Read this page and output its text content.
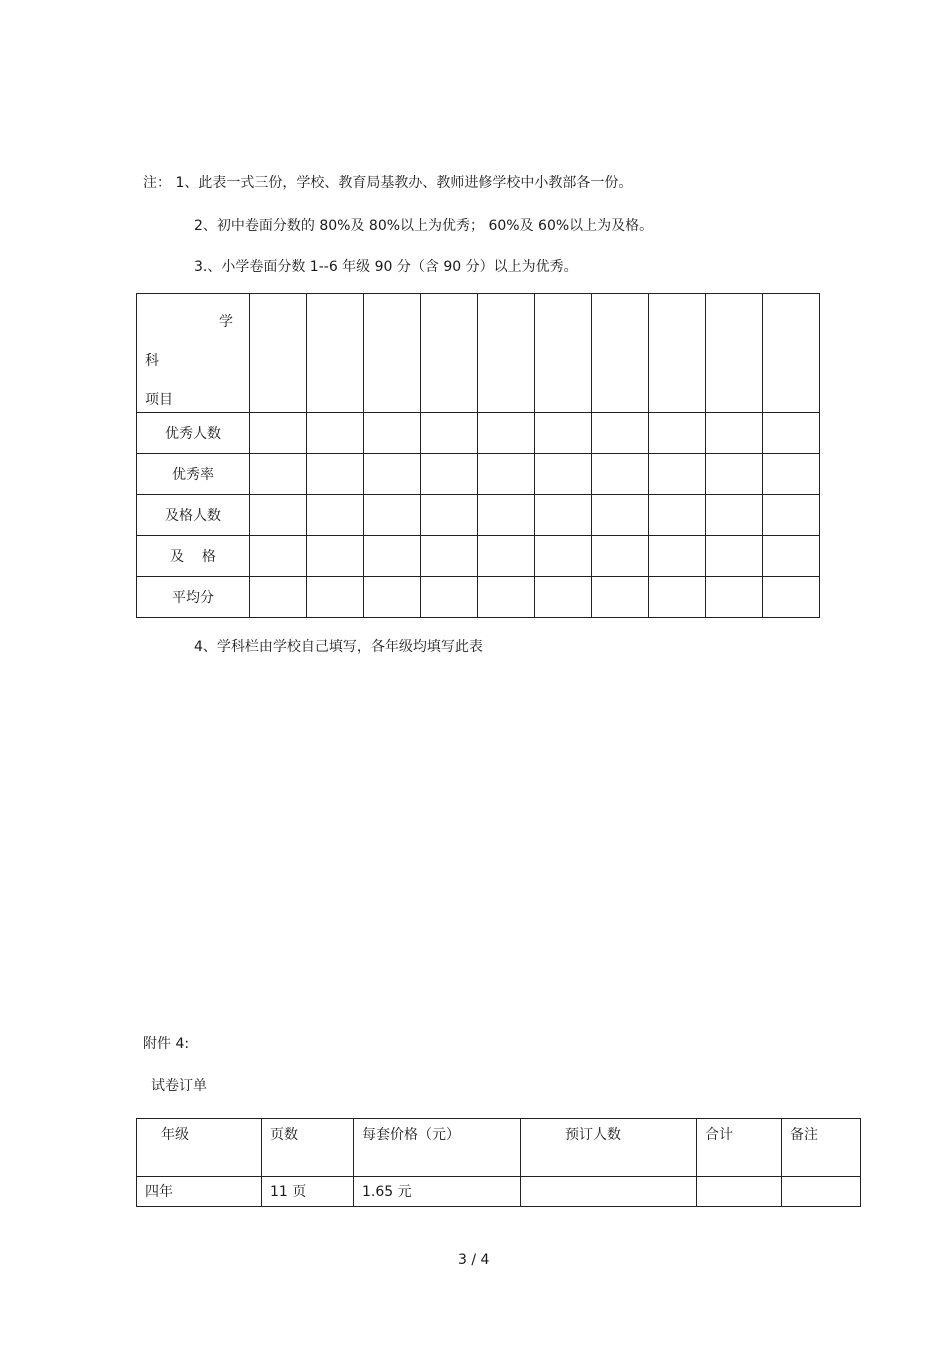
注： 1、此表一式三份，学校、教育局基教办、教师进修学校中小教部各一份。
2、初中卷面分数的 80%及 80%以上为优秀； 60%及 60%以上为及格。
3.、小学卷面分数 1--6 年级 90 分（含 90 分）以上为优秀。
学
科
项目										

优秀人数										
优秀率										
及格人数										
及    格										
平均分										
4、学科栏由学校自己填写，各年级均填写此表
附件 4:
试卷订单
年级	页数	每套价格（元）	预订人数	合计	备注
四年	11 页	1.65 元			
3 / 4
